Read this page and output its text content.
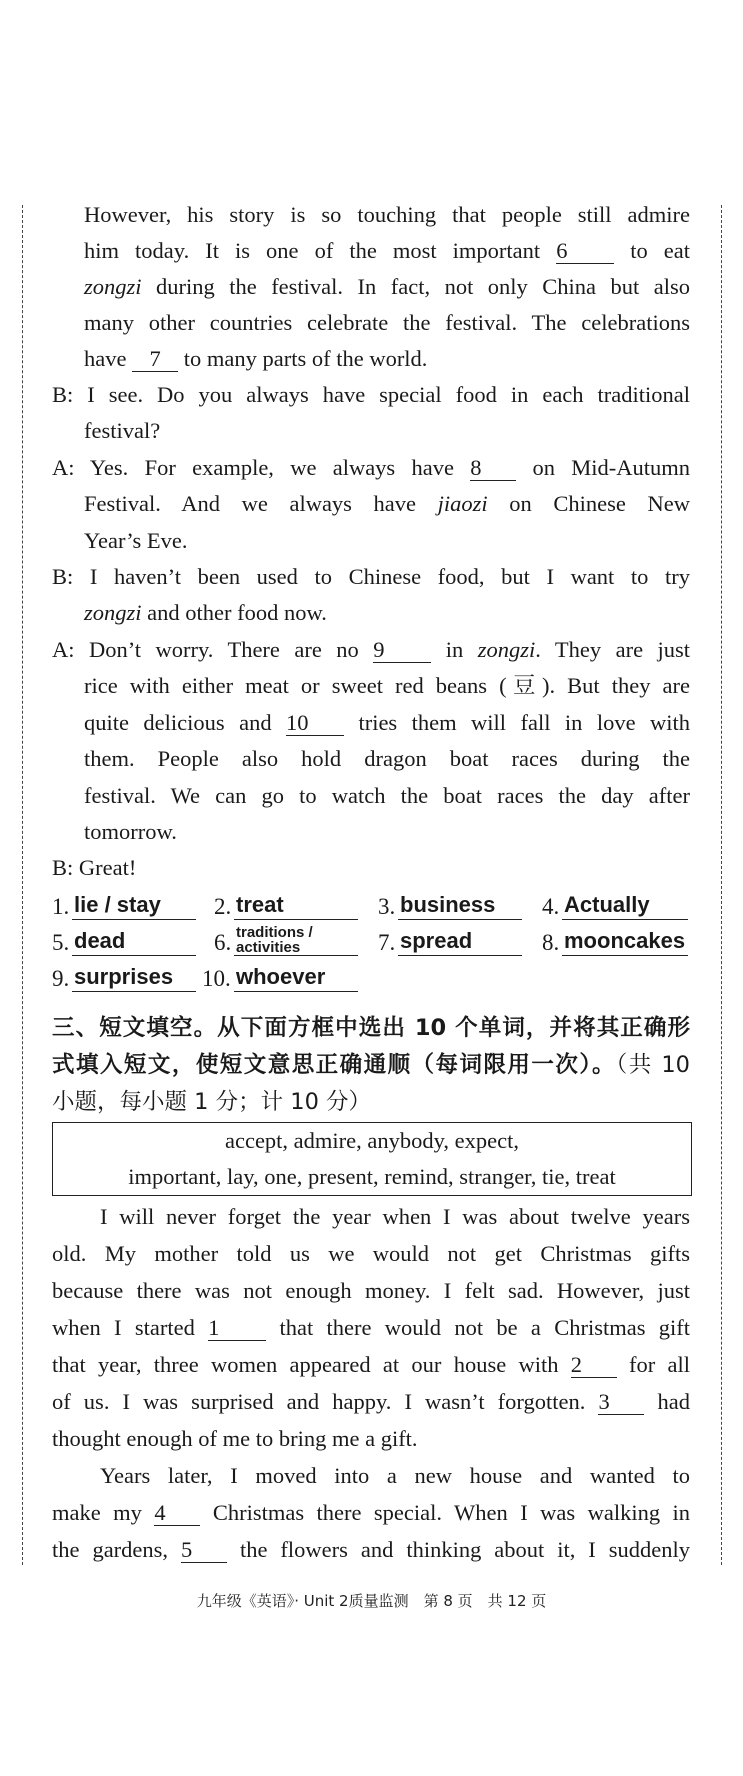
However, his story is so touching that people still admire
him today. It is one of the most important 6	to eat
zongzi during the festival. In fact, not only China but also
many other countries celebrate the festival. The celebrations
have 7 to many parts of the world.
B: I see. Do you always have special food in each traditional
festival?
A: Yes. For example, we always have 8 on Mid-Autumn
Festival. And we always have jiaozi on Chinese New
Year’s Eve.
B: I haven’t been used to Chinese food, but I want to try
zongzi and other food now.
A: Don’t worry. There are no 9	in zongzi. They are just
rice with either meat or sweet red beans (豆). But they are
quite delicious and 10 tries them will fall in love with
them. People also hold dragon boat races during the
festival. We can go to watch the boat races the day after
tomorrow.
B: Great!
1. lie / stay	2. treat	3. business	4. Actually
5. dead	6. traditions / activities	7. spread	8. mooncakes
9. surprises	10. whoever
三、短文填空。从下面方框中选出 10 个单词，并将其正确形
式填入短文，使短文意思正确通顺（每词限用一次）。（共 10
小题，每小题 1 分；计 10 分）
accept, admire, anybody, expect,
important, lay, one, present, remind, stranger, tie, treat
I will never forget the year when I was about twelve years
old. My mother told us we would not get Christmas gifts
because there was not enough money. I felt sad. However, just
when I started 1	that there would not be a Christmas gift
that year, three women appeared at our house with 2 for all
of us. I was surprised and happy. I wasn’t forgotten. 3 had
thought enough of me to bring me a gift.
Years later, I moved into a new house and wanted to
make my 4 Christmas there special. When I was walking in
the gardens, 5 the flowers and thinking about it, I suddenly
九年级《英语》· Unit 2质量监测　第 8 页　共 12 页
